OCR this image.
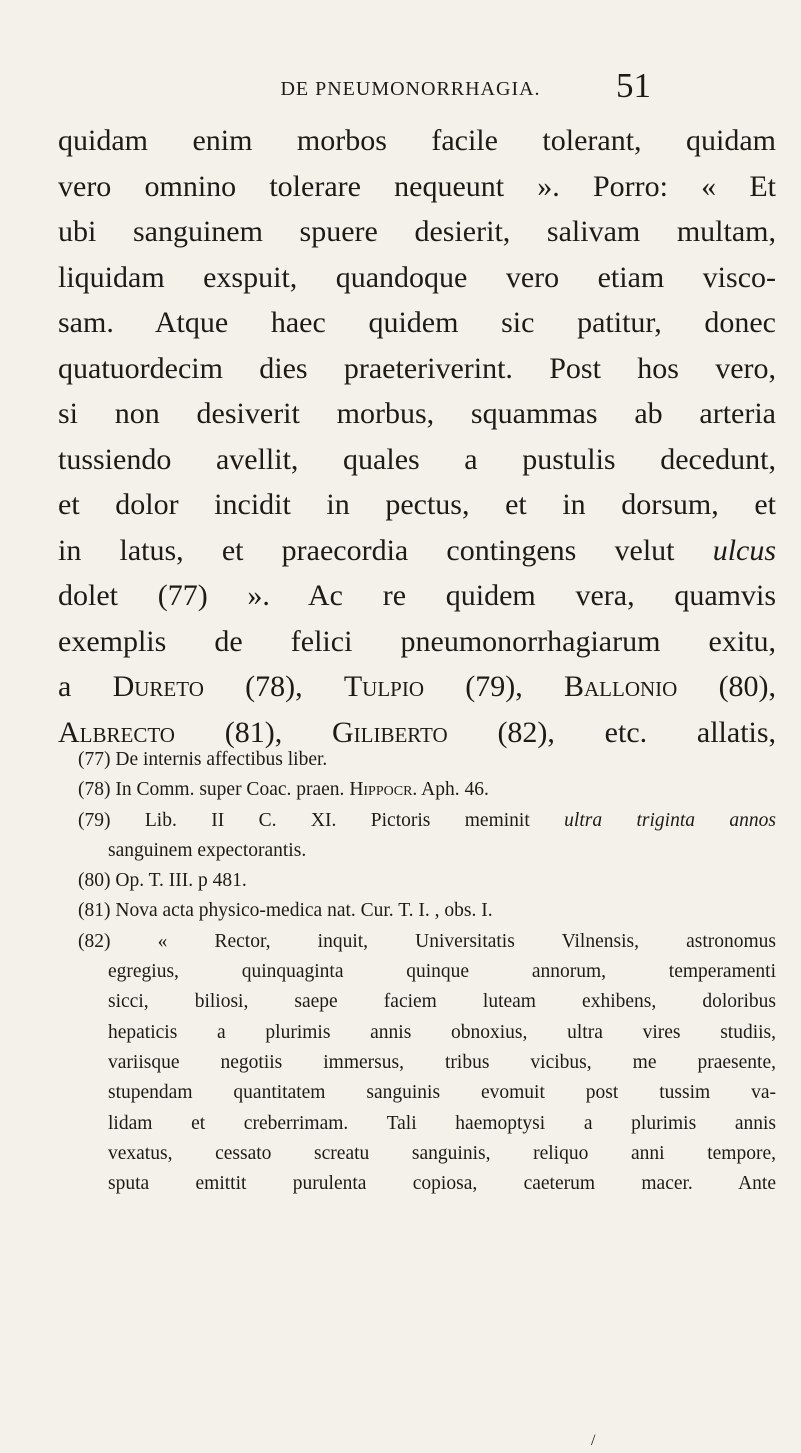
DE PNEUMONORRHAGIA.	51
quidam enim morbos facile tolerant, quidam
vero omnino tolerare nequeunt ». Porro: « Et
ubi sanguinem spuere desierit, salivam multam,
liquidam exspuit, quandoque vero etiam visco-
sam. Atque haec quidem sic patitur, donec
quatuordecim dies praeteriverint. Post hos vero,
si non desiverit morbus, squammas ab arteria
tussiendo avellit, quales a pustulis decedunt,
et dolor incidit in pectus, et in dorsum, et
in latus, et praecordia contingens velut ulcus
dolet (77) ». Ac re quidem vera, quamvis
exemplis de felici pneumonorrhagiarum exitu,
a Dureto (78), Tulpio (79), Ballonio (80),
Albrecto (81), Giliberto (82), etc. allatis,
(77) De internis affectibus liber.
(78) In Comm. super Coac. praen. Hippocr. Aph. 46.
(79) Lib. II C. XI. Pictoris meminit ultra triginta annos
sanguinem expectorantis.
(80) Op. T. III. p 481.
(81) Nova acta physico-medica nat. Cur. T. I. , obs. I.
(82) « Rector, inquit, Universitatis Vilnensis, astronomus
egregius, quinquaginta quinque annorum, temperamenti
sicci, biliosi, saepe faciem luteam exhibens, doloribus
hepaticis a plurimis annis obnoxius, ultra vires studiis,
variisque negotiis immersus, tribus vicibus, me praesente,
stupendam quantitatem sanguinis evomuit post tussim va-
lidam et creberrimam. Tali haemoptysi a plurimis annis
vexatus, cessato screatu sanguinis, reliquo anni tempore,
sputa emittit purulenta copiosa, caeterum macer. Ante
/
